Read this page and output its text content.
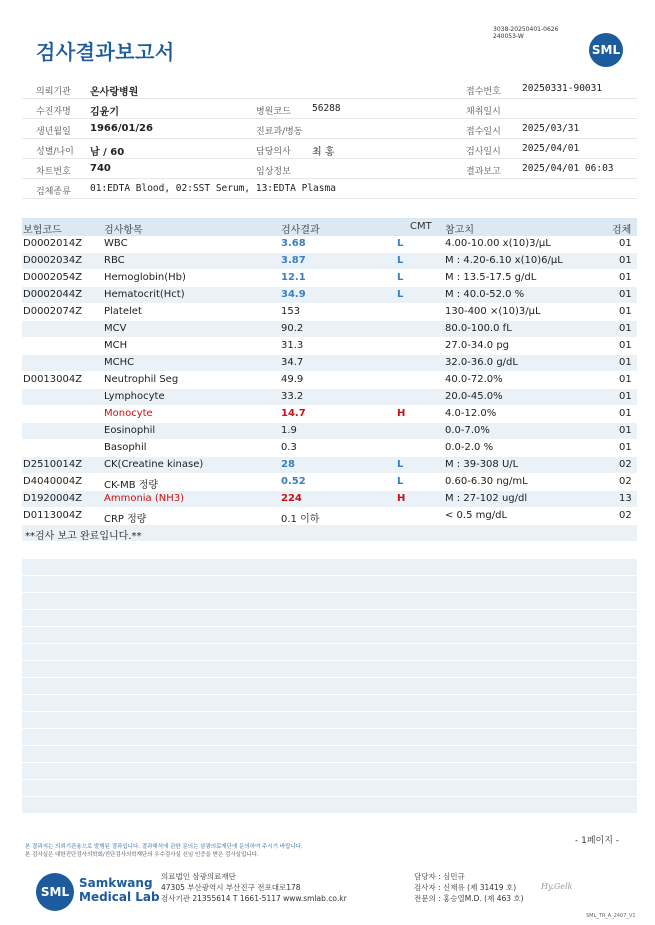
검사결과보고서
3038-20250401-0626
240053-W
SML
의뢰기관 온사랑병원	접수번호 20250331-90031
수진자명 김윤기	병원코드 56288	채취일시
생년월일 1966/01/26	진료과/병동	접수일시 2025/03/31
성별/나이 남 / 60	담당의사 최 홍	검사일시 2025/04/01
차트번호 740	임상정보	결과보고 2025/04/01 06:03
검체종류 01:EDTA Blood, 02:SST Serum, 13:EDTA Plasma
보험코드	검사항목	검사결과	CMT 참고치	검체
D0002014Z WBC	3.68	L	4.00-10.00 x(10)3/µL	01
D0002034Z RBC	3.87	L	M : 4.20-6.10 x(10)6/µL	01
D0002054Z Hemoglobin(Hb)	12.1	L	M : 13.5-17.5 g/dL	01
D0002044Z Hematocrit(Hct)	34.9	L	M : 40.0-52.0 %	01
D0002074Z Platelet	153	130-400 ×(10)3/µL	01
MCV	90.2	80.0-100.0 fL	01
MCH	31.3	27.0-34.0 pg	01
MCHC	34.7	32.0-36.0 g/dL	01
D0013004Z Neutrophil Seg	49.9	40.0-72.0%	01
Lymphocyte	33.2	20.0-45.0%	01
Monocyte	14.7	H	4.0-12.0%	01
Eosinophil	1.9	0.0-7.0%	01
Basophil	0.3	0.0-2.0 %	01
D2510014Z CK(Creatine kinase)	28	L	M : 39-308 U/L	02
D4040004Z CK-MB 정량	0.52	L	0.60-6.30 ng/mL	02
D1920004Z Ammonia (NH3)	224	H	M : 27-102 ug/dl	13
D0113004Z CRP 정량	0.1 이하	< 0.5 mg/dL	02
**검사 보고 완료입니다.**
- 1페이지 -
본 결과지는 의뢰기관용으로 발행된 결과입니다. 결과해석에 관한 문의는 삼광의료재단에 문의하여 주시기 바랍니다.
본 검사실은 대한진단검사의학회/진단검사의학재단의 우수검사실 신임 인증을 받은 검사실입니다.
SML
Samkwang
Medical Lab
의료법인 삼광의료재단
47305 부산광역시 부산진구 전포대로178
검사기관 21355614 T 1661-5117 www.smlab.co.kr
담당자 : 심민규
검사자 : 신재유 (제 31419 호)
전문의 : 홍승열M.D. (제 463 호)
Hy.Gelk
SML_TR_A_2407_V1
